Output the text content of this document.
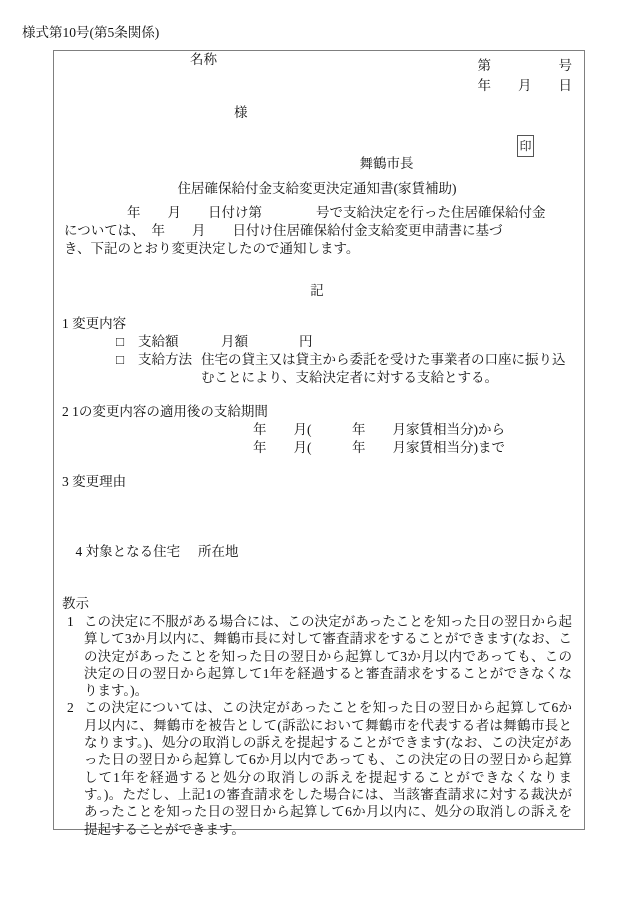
様式第10号(第5条関係)
第　　　　　号
年　　月　　日
様

舞鶴市長

印

住居確保給付金支給変更決定通知書(家賃補助)
年　　月　　日付け第　　　　号で支給決定を行った住居確保給付金
については、　年　　月　　日付け住居確保給付金支給変更申請書に基づ
き、下記のとおり変更決定したので通知します。
記
1 変更内容

□

支給額

	月額

	円

□

支給方法

住宅の貸主又は貸主から委託を受けた事業者の口座に振り込

むことにより、支給決定者に対する支給とする。

2 1の変更内容の適用後の支給期間
年　　月(　　　年　　月家賃相当分)から
年　　月(　　　年　　月家賃相当分)まで
3 変更理由

4 対象となる住宅

名称

所在地
教示
1 この決定に不服がある場合には、この決定があったことを知った日の翌日から起算して3か月以内に、舞鶴市長に対して審査請求をすることができます(なお、この決定があったことを知った日の翌日から起算して3か月以内であっても、この決定の日の翌日から起算して1年を経過すると審査請求をすることができなくなります。)。
2 この決定については、この決定があったことを知った日の翌日から起算して6か月以内に、舞鶴市を被告として(訴訟において舞鶴市を代表する者は舞鶴市長となります。)、処分の取消しの訴えを提起することができます(なお、この決定があった日の翌日から起算して6か月以内であっても、この決定の日の翌日から起算して1年を経過すると処分の取消しの訴えを提起することができなくなります。)。ただし、上記1の審査請求をした場合には、当該審査請求に対する裁決があったことを知った日の翌日から起算して6か月以内に、処分の取消しの訴えを提起することができます。
